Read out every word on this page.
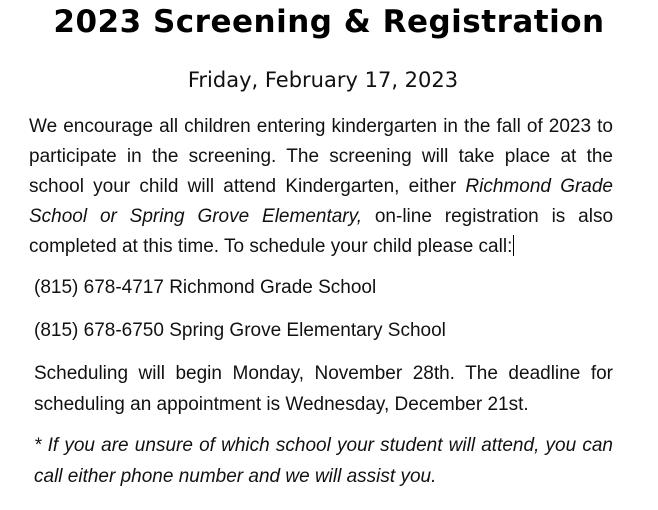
2023 Screening & Registration

Friday, February 17, 2023

We encourage all children entering kindergarten in the fall of 2023 to participate in the screening. The screening will take place at the school your child will attend Kindergarten, either Richmond Grade School or Spring Grove Elementary, on-line registration is also completed at this time. To schedule your child please call:

(815) 678-4717 Richmond Grade School

(815) 678-6750 Spring Grove Elementary School

Scheduling will begin Monday, November 28th. The deadline for scheduling an appointment is Wednesday, December 21st.

* If you are unsure of which school your student will attend, you can call either phone number and we will assist you.
